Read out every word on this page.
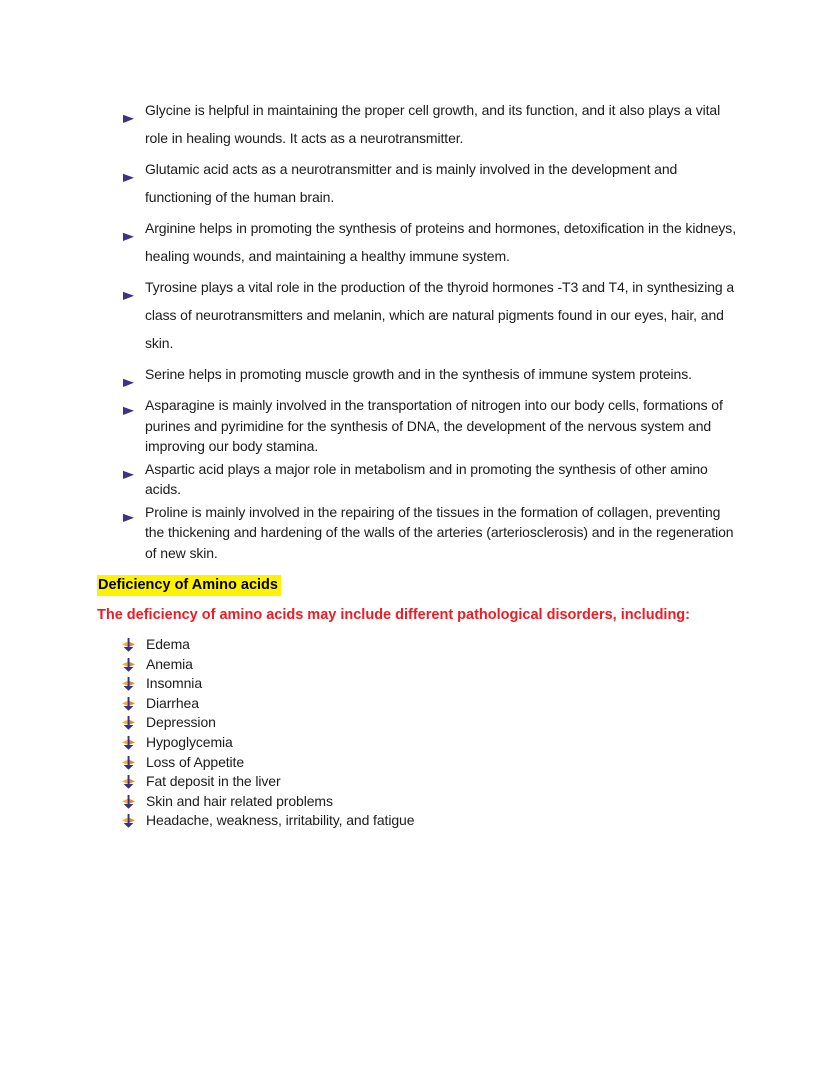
Glycine is helpful in maintaining the proper cell growth, and its function, and it also plays a vital role in healing wounds. It acts as a neurotransmitter.
Glutamic acid acts as a neurotransmitter and is mainly involved in the development and functioning of the human brain.
Arginine helps in promoting the synthesis of proteins and hormones, detoxification in the kidneys, healing wounds, and maintaining a healthy immune system.
Tyrosine plays a vital role in the production of the thyroid hormones -T3 and T4, in synthesizing a class of neurotransmitters and melanin, which are natural pigments found in our eyes, hair, and skin.
Serine helps in promoting muscle growth and in the synthesis of immune system proteins.
Asparagine is mainly involved in the transportation of nitrogen into our body cells, formations of purines and pyrimidine for the synthesis of DNA, the development of the nervous system and improving our body stamina.
Aspartic acid plays a major role in metabolism and in promoting the synthesis of other amino acids.
Proline is mainly involved in the repairing of the tissues in the formation of collagen, preventing the thickening and hardening of the walls of the arteries (arteriosclerosis) and in the regeneration of new skin.
Deficiency of Amino acids

The deficiency of amino acids may include different pathological disorders, including:

Edema
Anemia
Insomnia
Diarrhea
Depression
Hypoglycemia
Loss of Appetite
Fat deposit in the liver
Skin and hair related problems
Headache, weakness, irritability, and fatigue
